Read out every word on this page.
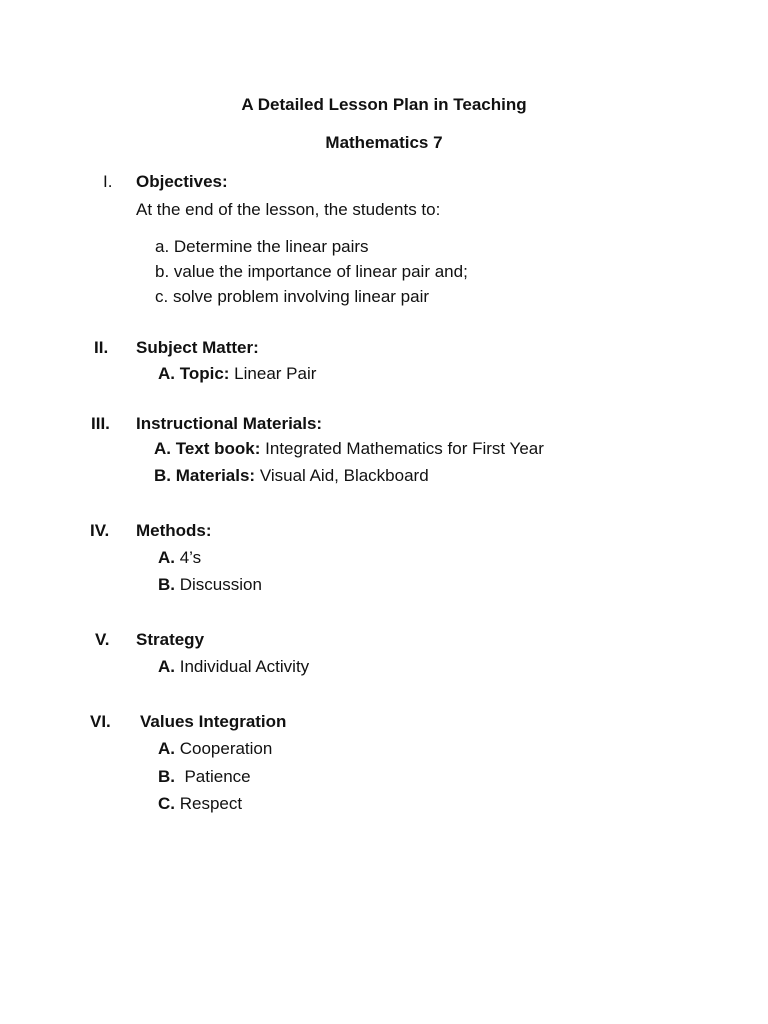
A Detailed Lesson Plan in Teaching
Mathematics 7
I.	Objectives:
At the end of the lesson, the students to:
a. Determine the linear pairs
b. value the importance of linear pair and;
c. solve problem involving linear pair
II.	Subject Matter:
A. Topic: Linear Pair
III.	Instructional Materials:
A. Text book: Integrated Mathematics for First Year
B. Materials: Visual Aid, Blackboard
IV.	Methods:
A. 4’s
B. Discussion
V.	Strategy
A. Individual Activity
VI.	Values Integration
A. Cooperation
B.  Patience
C. Respect
